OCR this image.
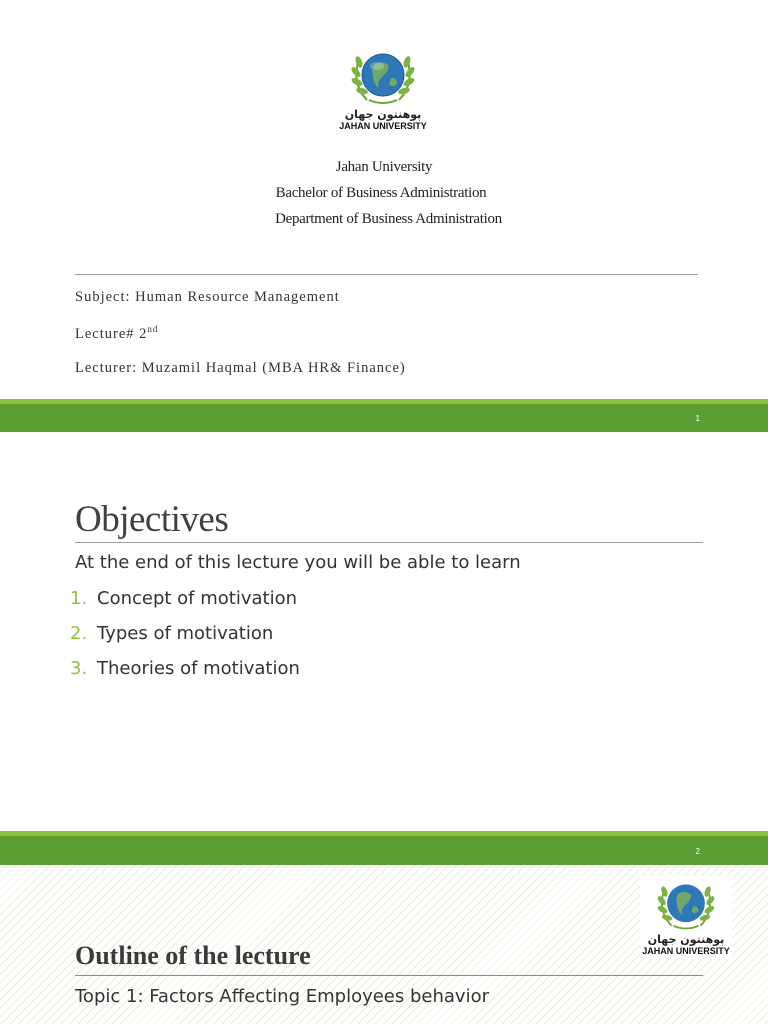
پوهنتون جهان
JAHAN UNIVERSITY
Jahan University
Bachelor of Business Administration
Department of Business Administration
Subject: Human Resource Management
Lecture# 2nd
Lecturer: Muzamil Haqmal (MBA HR& Finance)
1
Objectives
At the end of this lecture you will be able to learn
1. Concept of motivation
2. Types of motivation
3. Theories of motivation
2
پوهنتون جهان
JAHAN UNIVERSITY
Outline of the lecture
Topic 1: Factors Affecting Employees behavior
